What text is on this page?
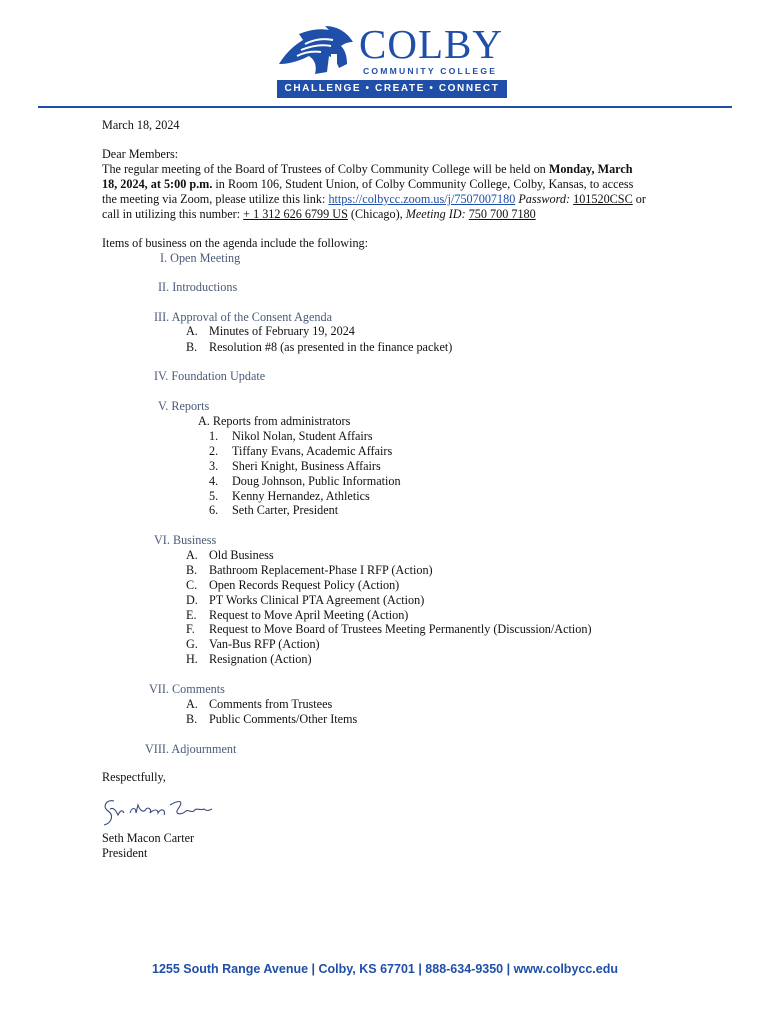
COLBY
COMMUNITY COLLEGE
CHALLENGE • CREATE • CONNECT
March 18, 2024
Dear Members:
The regular meeting of the Board of Trustees of Colby Community College will be held on Monday, March
18, 2024, at 5:00 p.m. in Room 106, Student Union, of Colby Community College, Colby, Kansas, to access
the meeting via Zoom, please utilize this link: https://colbycc.zoom.us/j/7507007180 Password: 101520CSC or
call in utilizing this number: + 1 312 626 6799 US (Chicago), Meeting ID: 750 700 7180
Items of business on the agenda include the following:
I. Open Meeting
II. Introductions
III. Approval of the Consent Agenda
A. Minutes of February 19, 2024
B. Resolution #8 (as presented in the finance packet)
IV. Foundation Update
V. Reports
A. Reports from administrators
1. Nikol Nolan, Student Affairs
2. Tiffany Evans, Academic Affairs
3. Sheri Knight, Business Affairs
4. Doug Johnson, Public Information
5. Kenny Hernandez, Athletics
6. Seth Carter, President
VI. Business
A. Old Business
B. Bathroom Replacement-Phase I RFP (Action)
C. Open Records Request Policy (Action)
D. PT Works Clinical PTA Agreement (Action)
E. Request to Move April Meeting (Action)
F. Request to Move Board of Trustees Meeting Permanently (Discussion/Action)
G. Van-Bus RFP (Action)
H. Resignation (Action)
VII. Comments
A. Comments from Trustees
B. Public Comments/Other Items
VIII. Adjournment
Respectfully,
Seth Macon Carter
President
1255 South Range Avenue | Colby, KS 67701 | 888-634-9350 | www.colbycc.edu
